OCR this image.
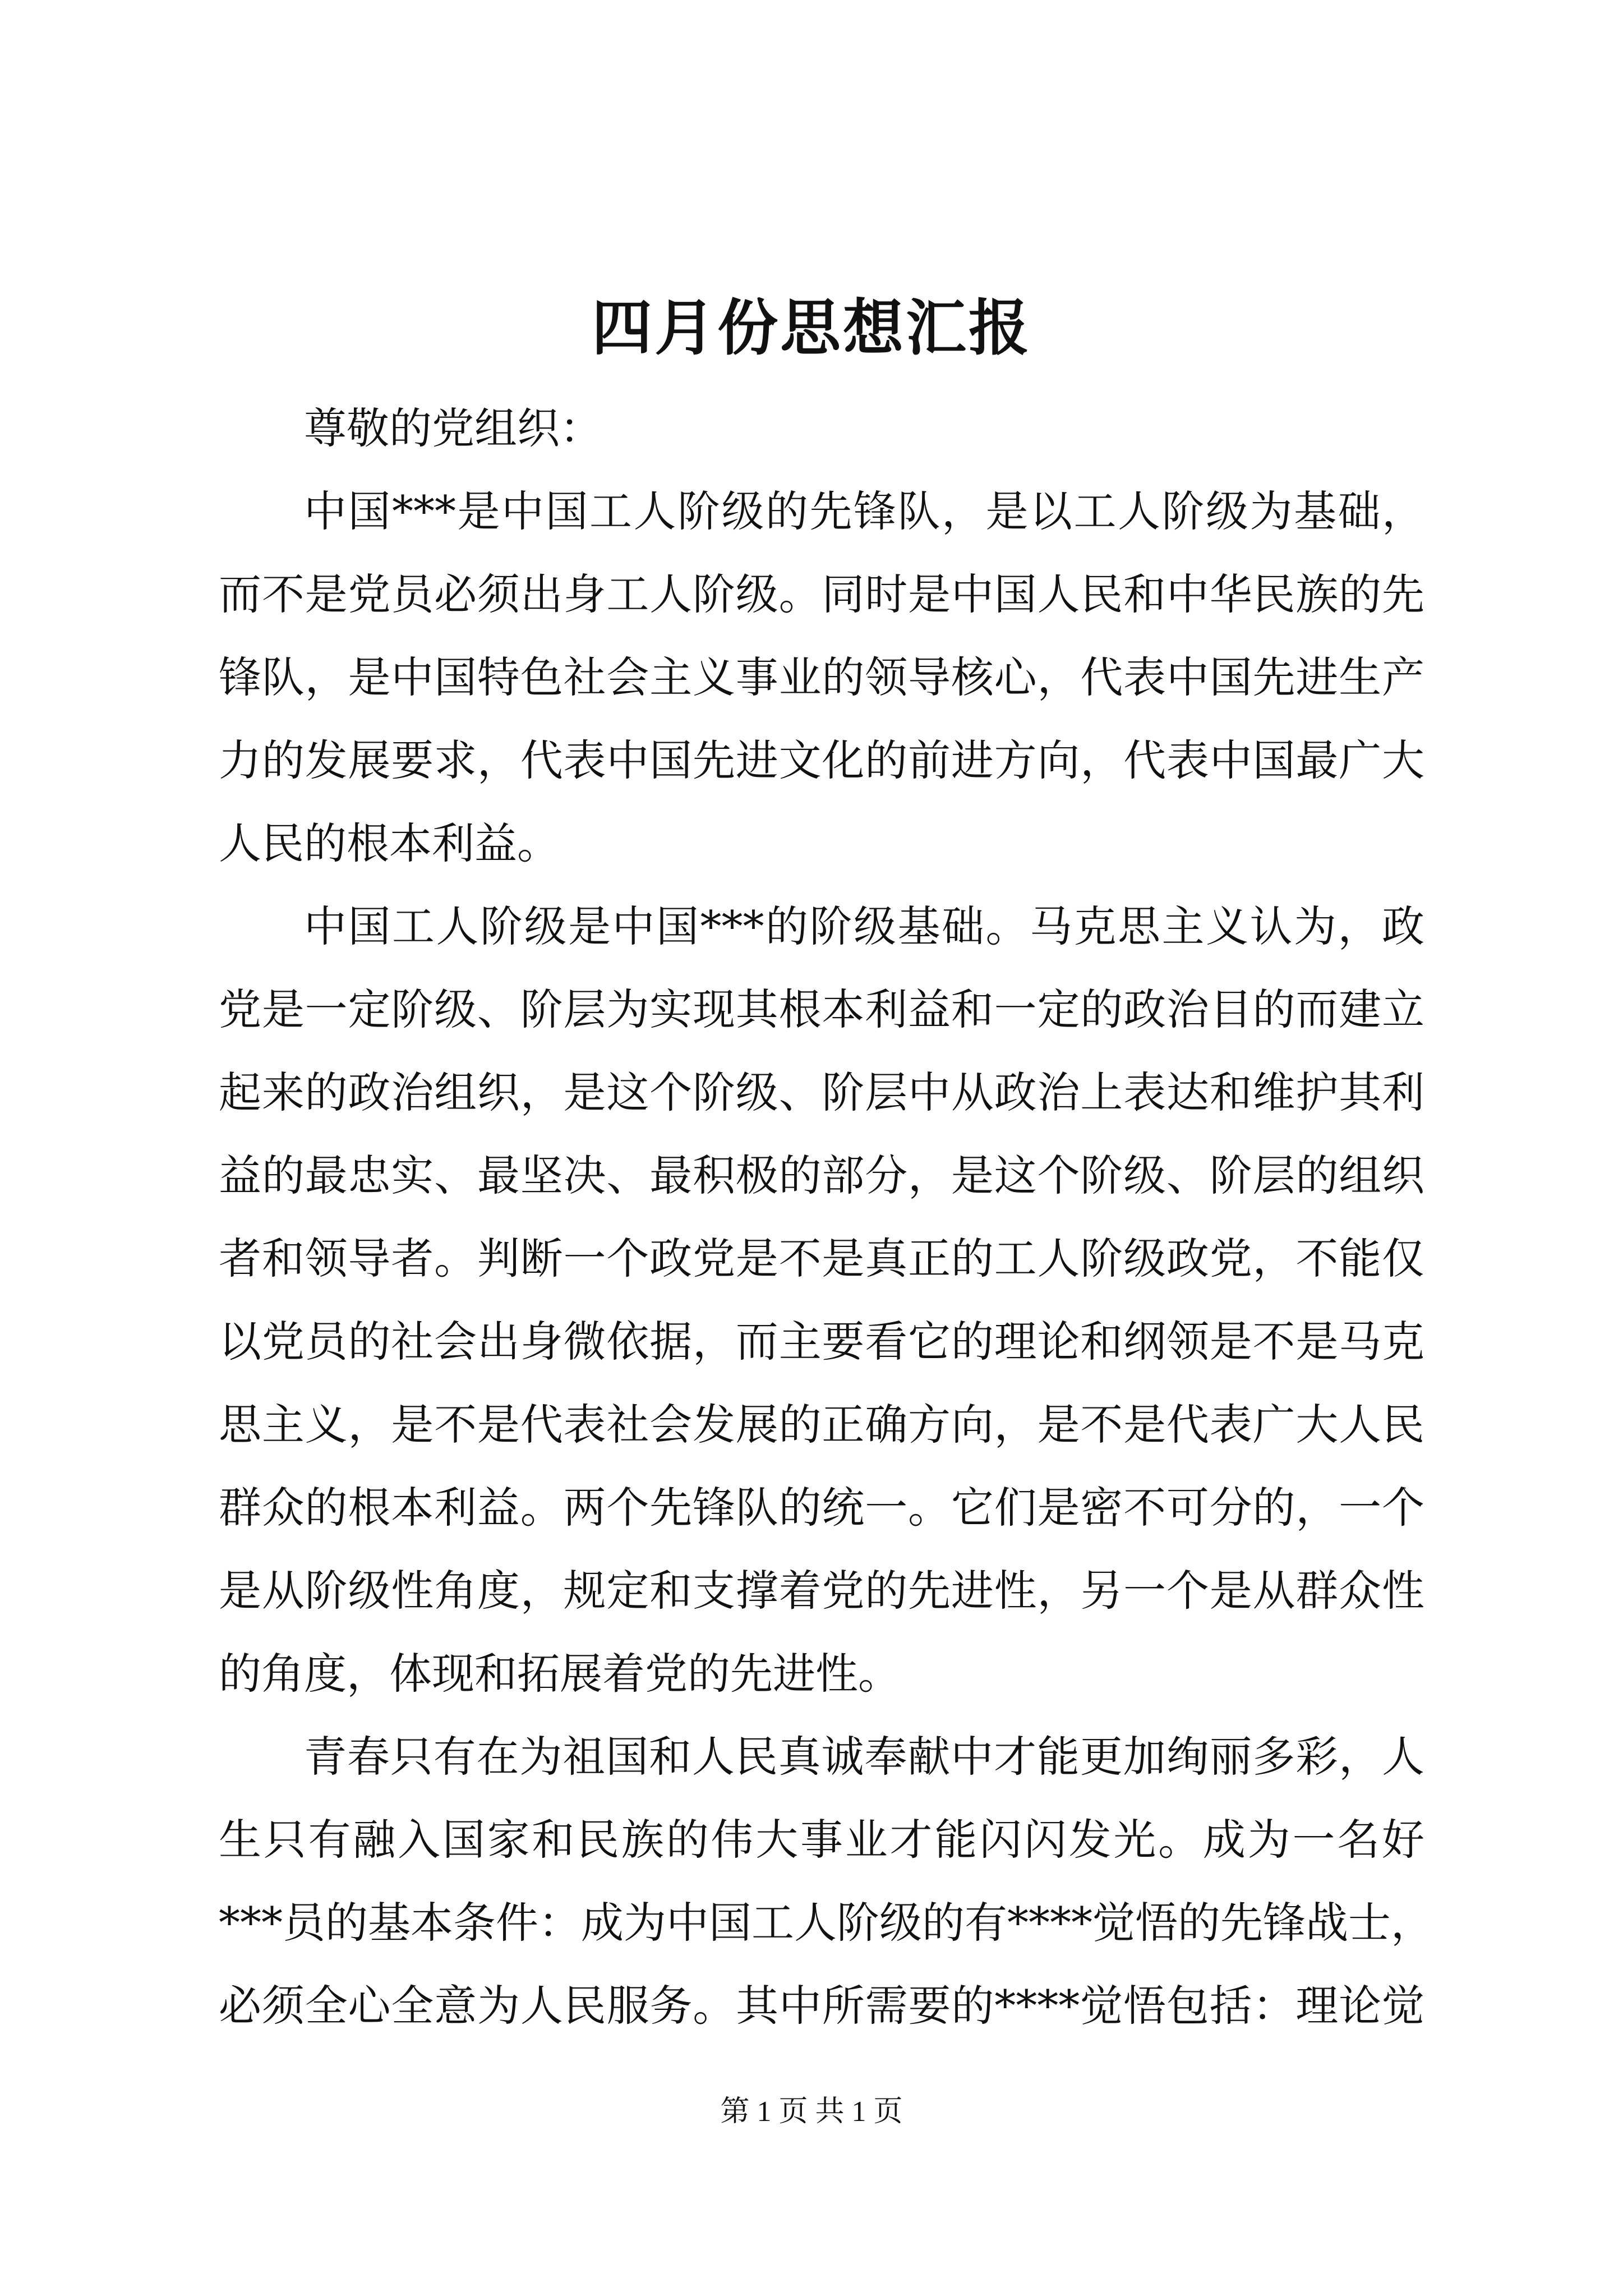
四月份思想汇报

尊敬的党组织：

中国***是中国工人阶级的先锋队，是以工人阶级为基础，
而不是党员必须出身工人阶级。同时是中国人民和中华民族的先
锋队，是中国特色社会主义事业的领导核心，代表中国先进生产
力的发展要求，代表中国先进文化的前进方向，代表中国最广大
人民的根本利益。
中国工人阶级是中国***的阶级基础。马克思主义认为，政
党是一定阶级、阶层为实现其根本利益和一定的政治目的而建立
起来的政治组织，是这个阶级、阶层中从政治上表达和维护其利
益的最忠实、最坚决、最积极的部分，是这个阶级、阶层的组织
者和领导者。判断一个政党是不是真正的工人阶级政党，不能仅
以党员的社会出身微依据，而主要看它的理论和纲领是不是马克
思主义，是不是代表社会发展的正确方向，是不是代表广大人民
群众的根本利益。两个先锋队的统一。它们是密不可分的，一个
是从阶级性角度，规定和支撑着党的先进性，另一个是从群众性
的角度，体现和拓展着党的先进性。
青春只有在为祖国和人民真诚奉献中才能更加绚丽多彩，人
生只有融入国家和民族的伟大事业才能闪闪发光。成为一名好
***员的基本条件：成为中国工人阶级的有****觉悟的先锋战士，
必须全心全意为人民服务。其中所需要的****觉悟包括：理论觉
第 1 页 共 1 页
